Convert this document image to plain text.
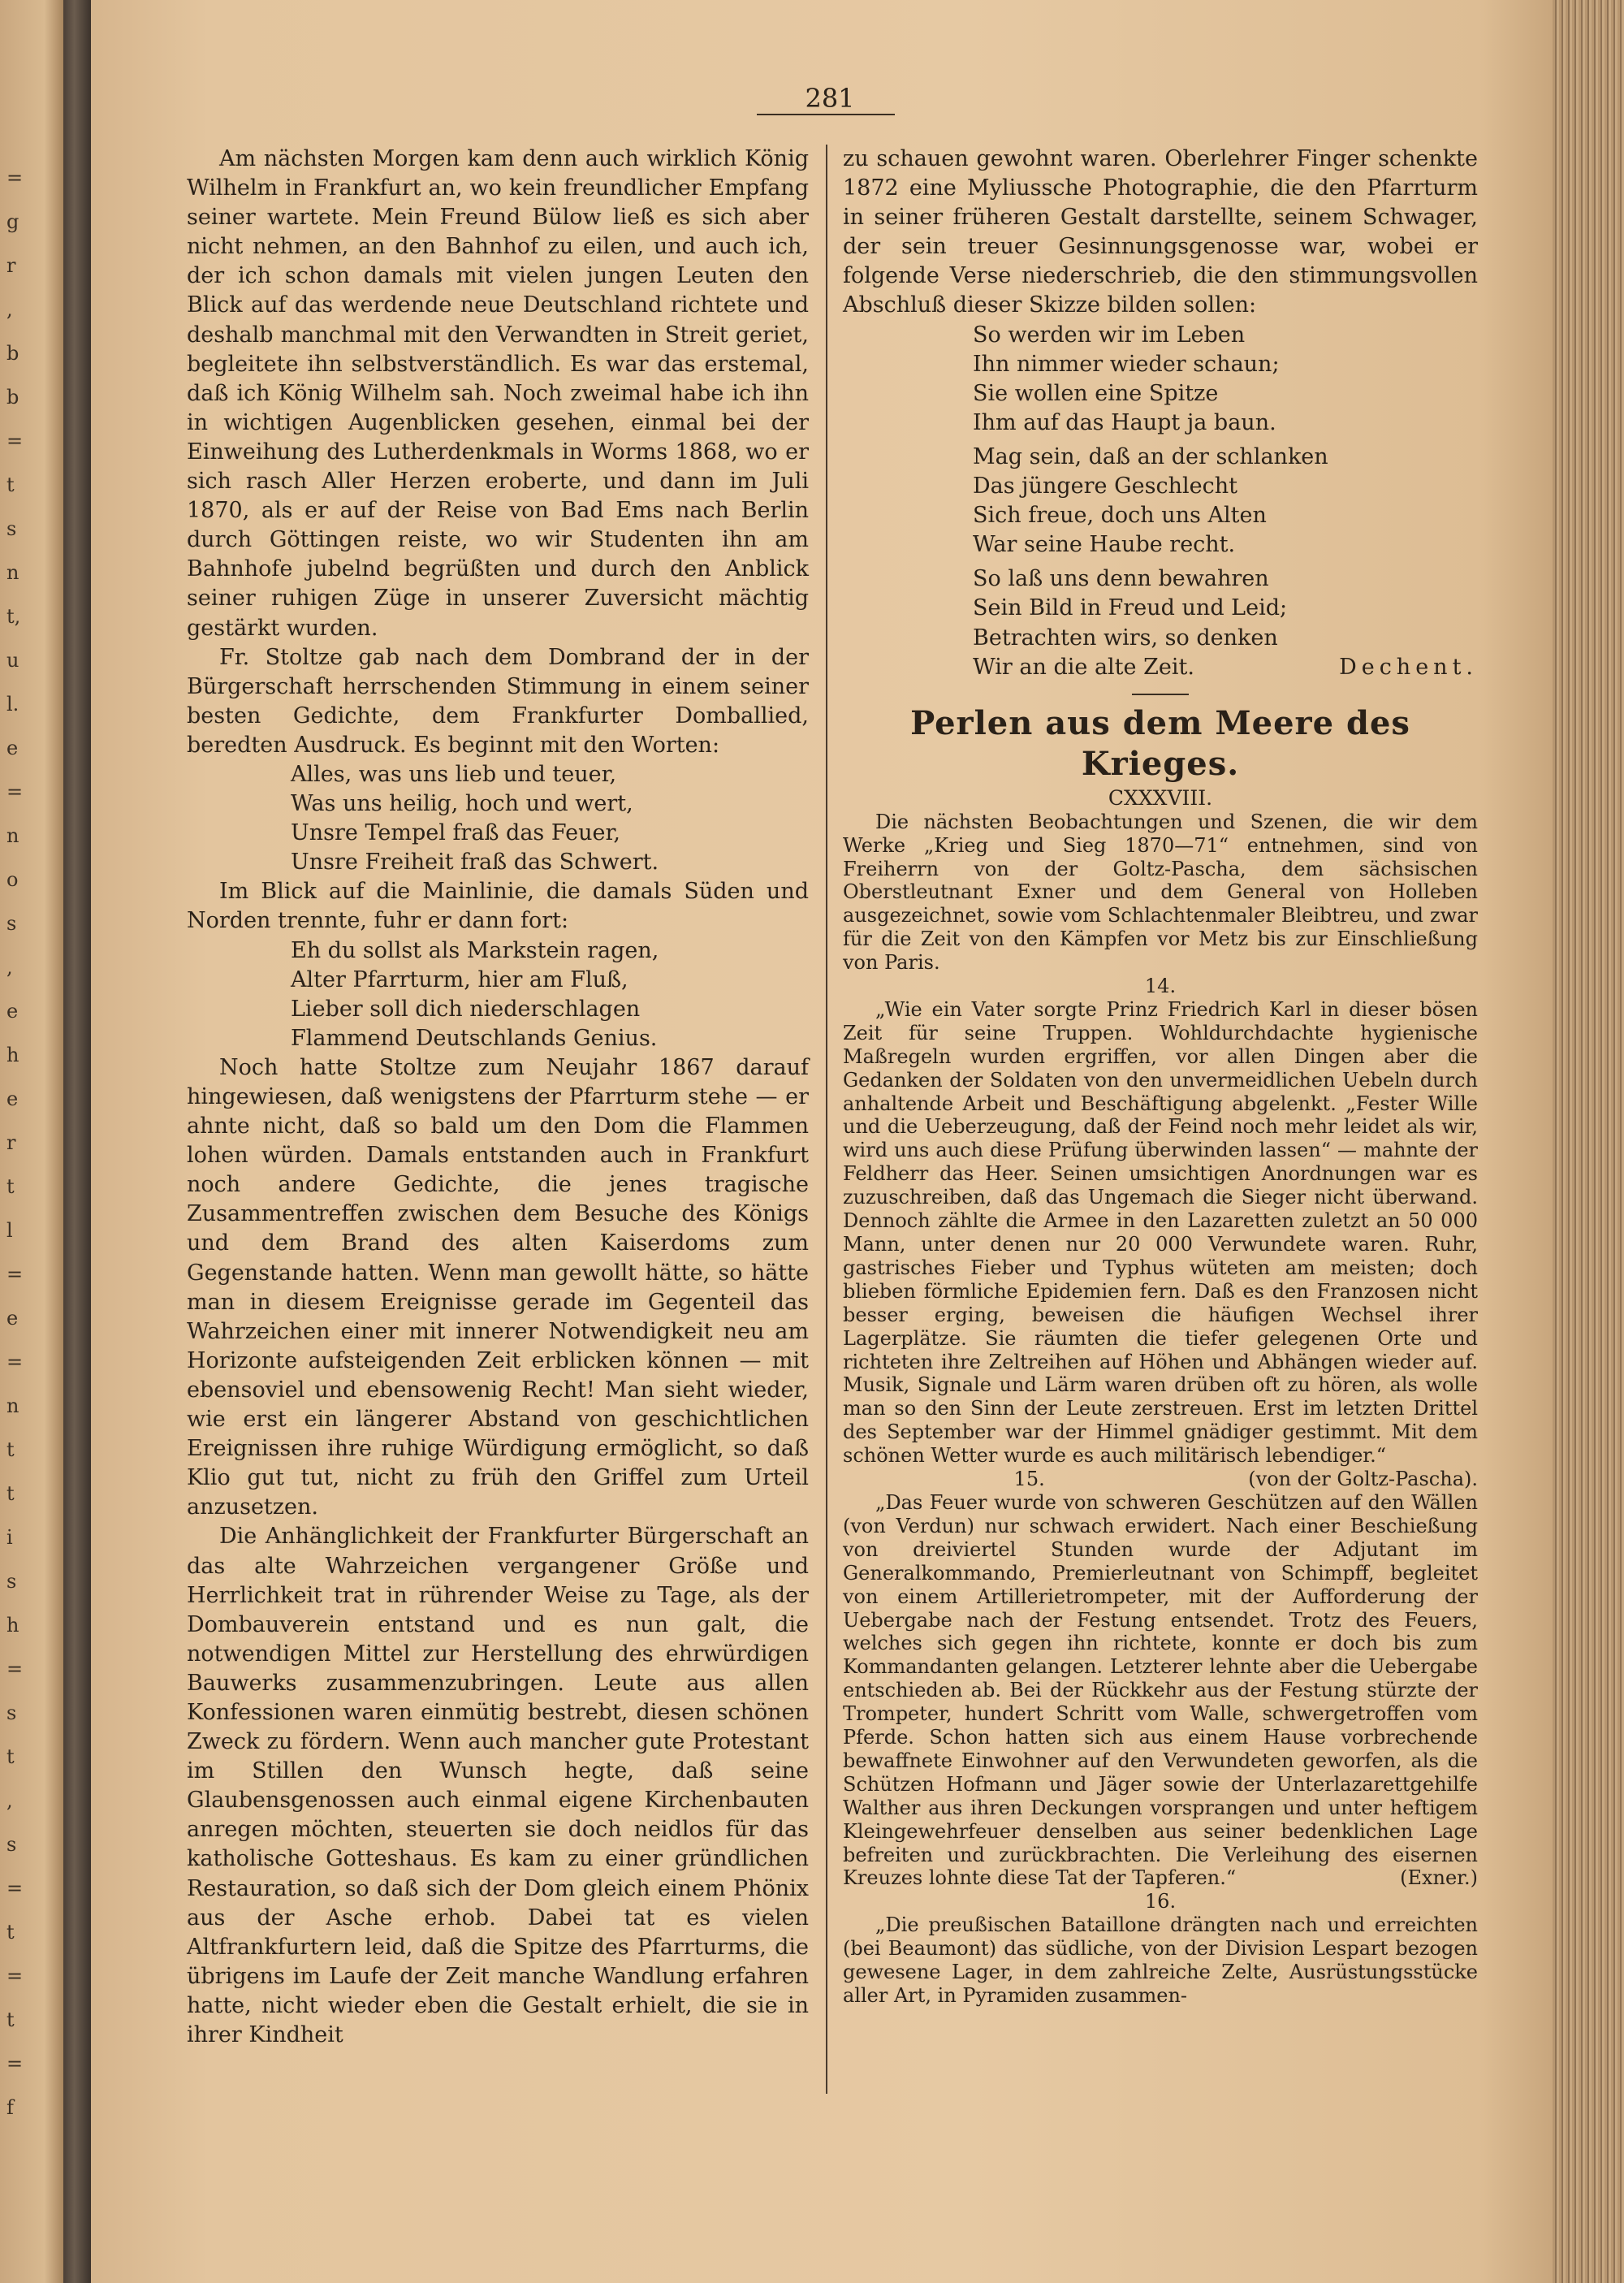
=
g
r
,
b
b
=
t
s
n
t,
u
l.
e
=
n
o
s
,
e
h
e
r
t
l
=
e
=
n
t
t
i
s
h
=
s
t
,
s
=
t
=
t
=
f
281

Am nächsten Morgen kam denn auch wirklich König Wilhelm in Frankfurt an, wo kein freundlicher Empfang seiner wartete. Mein Freund Bülow ließ es sich aber nicht nehmen, an den Bahnhof zu eilen, und auch ich, der ich schon damals mit vielen jungen Leuten den Blick auf das werdende neue Deutschland richtete und deshalb manchmal mit den Verwandten in Streit geriet, begleitete ihn selbstverständlich. Es war das erstemal, daß ich König Wilhelm sah. Noch zweimal habe ich ihn in wichtigen Augenblicken gesehen, einmal bei der Einweihung des Lutherdenkmals in Worms 1868, wo er sich rasch Aller Herzen eroberte, und dann im Juli 1870, als er auf der Reise von Bad Ems nach Berlin durch Göttingen reiste, wo wir Studenten ihn am Bahnhofe jubelnd begrüßten und durch den Anblick seiner ruhigen Züge in unserer Zuversicht mächtig gestärkt wurden.

Fr. Stoltze gab nach dem Dombrand der in der Bürgerschaft herrschenden Stimmung in einem seiner besten Gedichte, dem Frankfurter Domballied, beredten Ausdruck. Es beginnt mit den Worten:

Alles, was uns lieb und teuer,
Was uns heilig, hoch und wert,
Unsre Tempel fraß das Feuer,
Unsre Freiheit fraß das Schwert.

Im Blick auf die Mainlinie, die damals Süden und Norden trennte, fuhr er dann fort:

Eh du sollst als Markstein ragen,
Alter Pfarrturm, hier am Fluß,
Lieber soll dich niederschlagen
Flammend Deutschlands Genius.

Noch hatte Stoltze zum Neujahr 1867 darauf hingewiesen, daß wenigstens der Pfarrturm stehe — er ahnte nicht, daß so bald um den Dom die Flammen lohen würden. Damals entstanden auch in Frankfurt noch andere Gedichte, die jenes tragische Zusammentreffen zwischen dem Besuche des Königs und dem Brand des alten Kaiserdoms zum Gegenstande hatten. Wenn man gewollt hätte, so hätte man in diesem Ereignisse gerade im Gegenteil das Wahrzeichen einer mit innerer Notwendigkeit neu am Horizonte aufsteigenden Zeit erblicken können — mit ebensoviel und ebensowenig Recht! Man sieht wieder, wie erst ein längerer Abstand von geschichtlichen Ereignissen ihre ruhige Würdigung ermöglicht, so daß Klio gut tut, nicht zu früh den Griffel zum Urteil anzusetzen.

Die Anhänglichkeit der Frankfurter Bürgerschaft an das alte Wahrzeichen vergangener Größe und Herrlichkeit trat in rührender Weise zu Tage, als der Dombauverein entstand und es nun galt, die notwendigen Mittel zur Herstellung des ehrwürdigen Bauwerks zusammenzubringen. Leute aus allen Konfessionen waren einmütig bestrebt, diesen schönen Zweck zu fördern. Wenn auch mancher gute Protestant im Stillen den Wunsch hegte, daß seine Glaubensgenossen auch einmal eigene Kirchenbauten anregen möchten, steuerten sie doch neidlos für das katholische Gotteshaus. Es kam zu einer gründlichen Restauration, so daß sich der Dom gleich einem Phönix aus der Asche erhob. Dabei tat es vielen Altfrankfurtern leid, daß die Spitze des Pfarrturms, die übrigens im Laufe der Zeit manche Wandlung erfahren hatte, nicht wieder eben die Gestalt erhielt, die sie in ihrer Kindheit

zu schauen gewohnt waren. Oberlehrer Finger schenkte 1872 eine Myliussche Photographie, die den Pfarrturm in seiner früheren Gestalt darstellte, seinem Schwager, der sein treuer Gesinnungsgenosse war, wobei er folgende Verse niederschrieb, die den stimmungsvollen Abschluß dieser Skizze bilden sollen:

So werden wir im Leben
Ihn nimmer wieder schaun;
Sie wollen eine Spitze
Ihm auf das Haupt ja baun.
Mag sein, daß an der schlanken
Das jüngere Geschlecht
Sich freue, doch uns Alten
War seine Haube recht.
So laß uns denn bewahren
Sein Bild in Freud und Leid;
Betrachten wirs, so denken
Wir an die alte Zeit.	Dechent.
Perlen aus dem Meere des Krieges.

CXXXVIII.

Die nächsten Beobachtungen und Szenen, die wir dem Werke „Krieg und Sieg 1870—71“ entnehmen, sind von Freiherrn von der Goltz-Pascha, dem sächsischen Oberstleutnant Exner und dem General von Holleben ausgezeichnet, sowie vom Schlachtenmaler Bleibtreu, und zwar für die Zeit von den Kämpfen vor Metz bis zur Einschließung von Paris.

14.

„Wie ein Vater sorgte Prinz Friedrich Karl in dieser bösen Zeit für seine Truppen. Wohldurchdachte hygienische Maßregeln wurden ergriffen, vor allen Dingen aber die Gedanken der Soldaten von den unvermeidlichen Uebeln durch anhaltende Arbeit und Beschäftigung abgelenkt. „Fester Wille und die Ueberzeugung, daß der Feind noch mehr leidet als wir, wird uns auch diese Prüfung überwinden lassen“ — mahnte der Feldherr das Heer. Seinen umsichtigen Anordnungen war es zuzuschreiben, daß das Ungemach die Sieger nicht überwand. Dennoch zählte die Armee in den Lazaretten zuletzt an 50 000 Mann, unter denen nur 20 000 Verwundete waren. Ruhr, gastrisches Fieber und Typhus wüteten am meisten; doch blieben förmliche Epidemien fern. Daß es den Franzosen nicht besser erging, beweisen die häufigen Wechsel ihrer Lagerplätze. Sie räumten die tiefer gelegenen Orte und richteten ihre Zeltreihen auf Höhen und Abhängen wieder auf. Musik, Signale und Lärm waren drüben oft zu hören, als wolle man so den Sinn der Leute zerstreuen. Erst im letzten Drittel des September war der Himmel gnädiger gestimmt. Mit dem schönen Wetter wurde es auch militärisch lebendiger.“
(von der Goltz-Pascha).

15.

„Das Feuer wurde von schweren Geschützen auf den Wällen (von Verdun) nur schwach erwidert. Nach einer Beschießung von dreiviertel Stunden wurde der Adjutant im Generalkommando, Premierleutnant von Schimpff, begleitet von einem Artillerietrompeter, mit der Aufforderung der Uebergabe nach der Festung entsendet. Trotz des Feuers, welches sich gegen ihn richtete, konnte er doch bis zum Kommandanten gelangen. Letzterer lehnte aber die Uebergabe entschieden ab. Bei der Rückkehr aus der Festung stürzte der Trompeter, hundert Schritt vom Walle, schwergetroffen vom Pferde. Schon hatten sich aus einem Hause vorbrechende bewaffnete Einwohner auf den Verwundeten geworfen, als die Schützen Hofmann und Jäger sowie der Unterlazarettgehilfe Walther aus ihren Deckungen vorsprangen und unter heftigem Kleingewehrfeuer denselben aus seiner bedenklichen Lage befreiten und zurückbrachten. Die Verleihung des eisernen Kreuzes lohnte diese Tat der Tapferen.“	(Exner.)

16.

„Die preußischen Bataillone drängten nach und erreichten (bei Beaumont) das südliche, von der Division Lespart bezogen gewesene Lager, in dem zahlreiche Zelte, Ausrüstungsstücke aller Art, in Pyramiden zusammen-
